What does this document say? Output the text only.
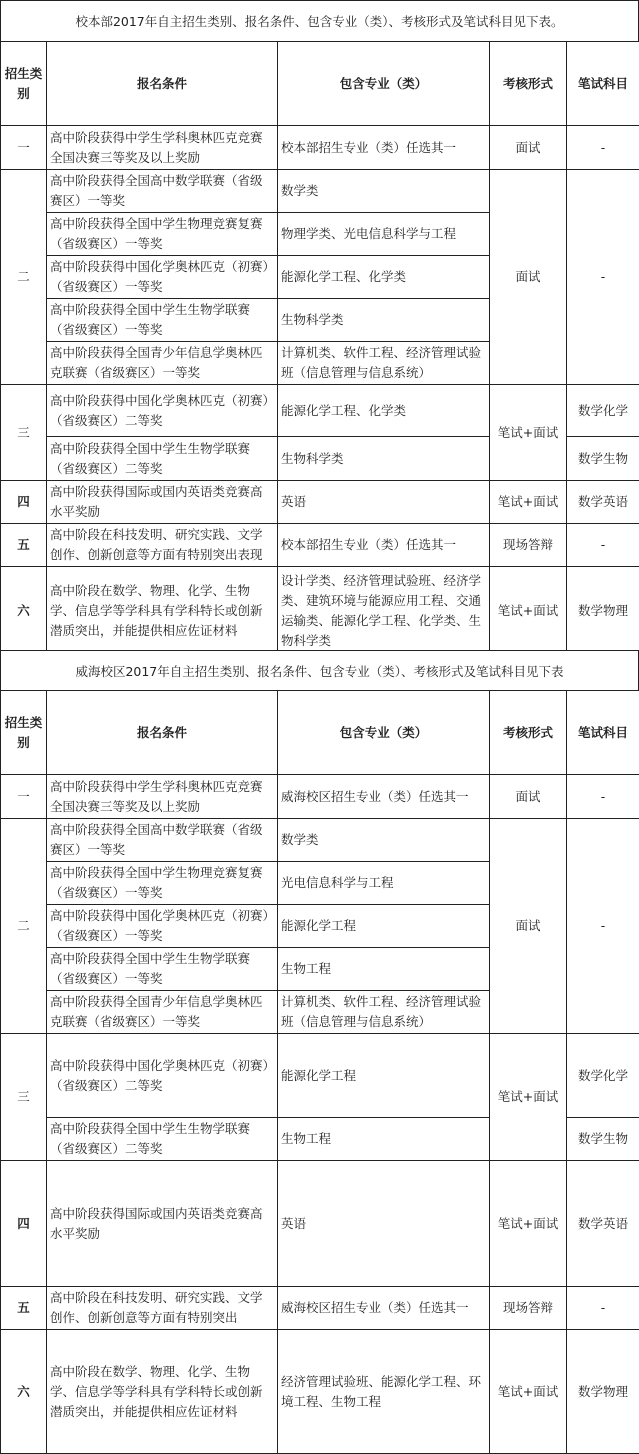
校本部2017年自主招生类别、报名条件、包含专业（类）、考核形式及笔试科目见下表。
招生类别	报名条件	包含专业（类）	考核形式	笔试科目
一	高中阶段获得中学生学科奥林匹克竞赛全国决赛三等奖及以上奖励	校本部招生专业（类）任选其一	面试	-
二	高中阶段获得全国高中数学联赛（省级赛区）一等奖	数学类	面试	-
	高中阶段获得全国中学生物理竞赛复赛（省级赛区）一等奖	物理学类、光电信息科学与工程		
	高中阶段获得中国化学奥林匹克（初赛）（省级赛区）一等奖	能源化学工程、化学类		
	高中阶段获得全国中学生生物学联赛（省级赛区）一等奖	生物科学类		
	高中阶段获得全国青少年信息学奥林匹克联赛（省级赛区）一等奖	计算机类、软件工程、经济管理试验班（信息管理与信息系统）		
三	高中阶段获得中国化学奥林匹克（初赛）（省级赛区）二等奖	能源化学工程、化学类	笔试+面试	数学化学
	高中阶段获得全国中学生生物学联赛（省级赛区）二等奖	生物科学类		数学生物
四	高中阶段获得国际或国内英语类竞赛高水平奖励	英语	笔试+面试	数学英语
五	高中阶段在科技发明、研究实践、文学创作、创新创意等方面有特别突出表现	校本部招生专业（类）任选其一	现场答辩	-
六	高中阶段在数学、物理、化学、生物学、信息学等学科具有学科特长或创新潜质突出，并能提供相应佐证材料	设计学类、经济管理试验班、经济学类、建筑环境与能源应用工程、交通运输类、能源化学工程、化学类、生物科学类	笔试+面试	数学物理
威海校区2017年自主招生类别、报名条件、包含专业（类）、考核形式及笔试科目见下表
招生类别	报名条件	包含专业（类）	考核形式	笔试科目
一	高中阶段获得中学生学科奥林匹克竞赛全国决赛三等奖及以上奖励	威海校区招生专业（类）任选其一	面试	-
二	高中阶段获得全国高中数学联赛（省级赛区）一等奖	数学类	面试	-
	高中阶段获得全国中学生物理竞赛复赛（省级赛区）一等奖	光电信息科学与工程		
	高中阶段获得中国化学奥林匹克（初赛）（省级赛区）一等奖	能源化学工程		
	高中阶段获得全国中学生生物学联赛（省级赛区）一等奖	生物工程		
	高中阶段获得全国青少年信息学奥林匹克联赛（省级赛区）一等奖	计算机类、软件工程、经济管理试验班（信息管理与信息系统）		
三	高中阶段获得中国化学奥林匹克（初赛）（省级赛区）二等奖	能源化学工程	笔试+面试	数学化学
	高中阶段获得全国中学生生物学联赛（省级赛区）二等奖	生物工程		数学生物
四	高中阶段获得国际或国内英语类竞赛高水平奖励	英语	笔试+面试	数学英语
五	高中阶段在科技发明、研究实践、文学创作、创新创意等方面有特别突出	威海校区招生专业（类）任选其一	现场答辩	-
六	高中阶段在数学、物理、化学、生物学、信息学等学科具有学科特长或创新潜质突出，并能提供相应佐证材料	经济管理试验班、能源化学工程、环境工程、生物工程	笔试+面试	数学物理
